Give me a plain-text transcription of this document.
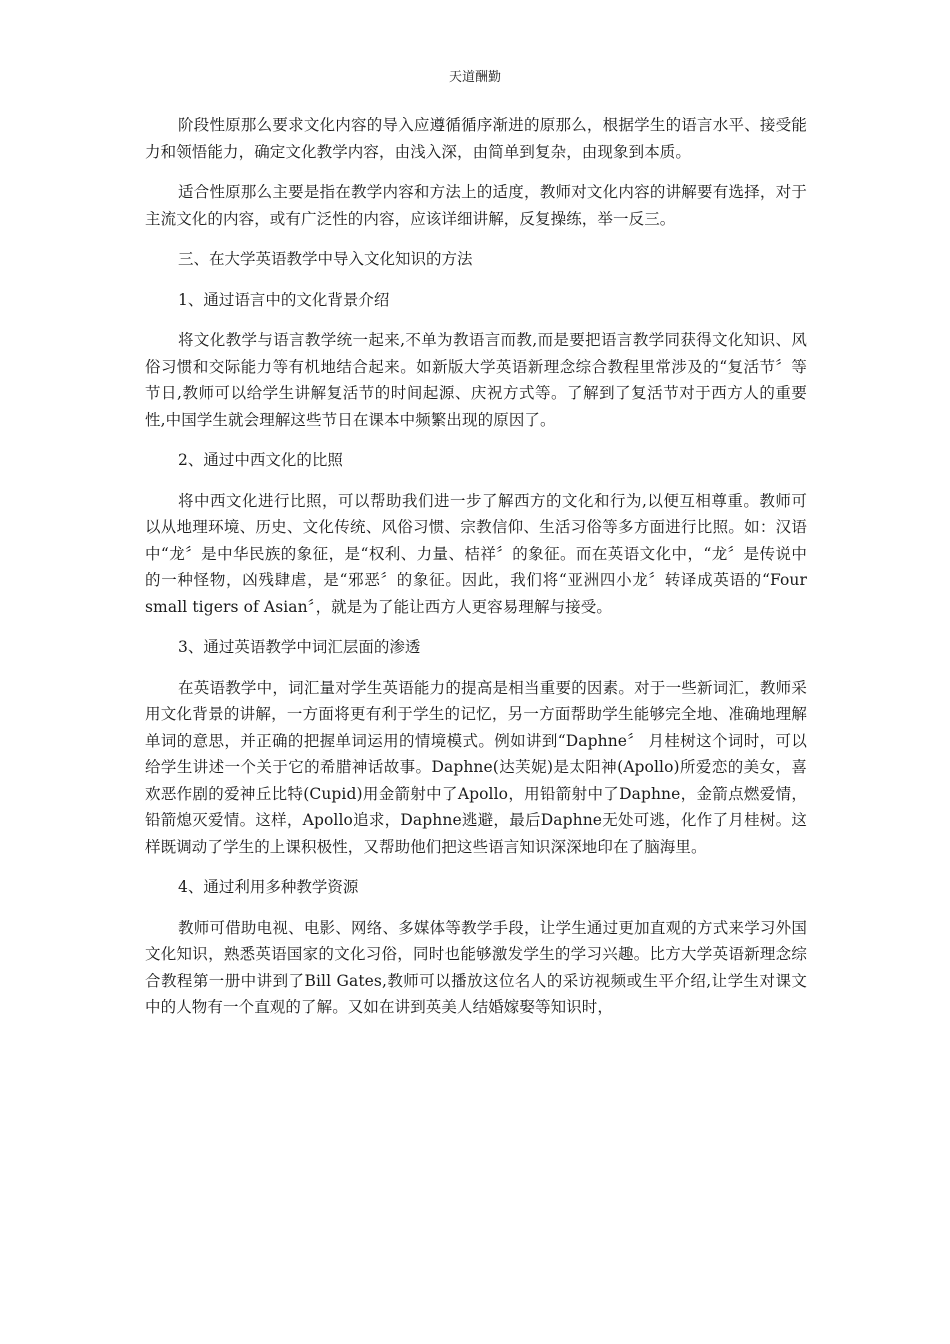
天道酬勤

阶段性原那么要求文化内容的导入应遵循循序渐进的原那么，根据学生的语言水平、接受能力和领悟能力，确定文化教学内容，由浅入深，由简单到复杂，由现象到本质。

适合性原那么主要是指在教学内容和方法上的适度，教师对文化内容的讲解要有选择，对于主流文化的内容，或有广泛性的内容，应该详细讲解，反复操练，举一反三。

三、在大学英语教学中导入文化知识的方法

1、通过语言中的文化背景介绍

将文化教学与语言教学统一起来,不单为教语言而教,而是要把语言教学同获得文化知识、风俗习惯和交际能力等有机地结合起来。如新版大学英语新理念综合教程里常涉及的“复活节〞等节日,教师可以给学生讲解复活节的时间起源、庆祝方式等。了解到了复活节对于西方人的重要性,中国学生就会理解这些节日在课本中频繁出现的原因了。

2、通过中西文化的比照

将中西文化进行比照，可以帮助我们进一步了解西方的文化和行为,以便互相尊重。教师可以从地理环境、历史、文化传统、风俗习惯、宗教信仰、生活习俗等多方面进行比照。如：汉语中“龙〞是中华民族的象征，是“权利、力量、桔祥〞的象征。而在英语文化中，“龙〞是传说中的一种怪物，凶残肆虐，是“邪恶〞的象征。因此，我们将“亚洲四小龙〞转译成英语的“Four small tigers of Asian〞，就是为了能让西方人更容易理解与接受。

3、通过英语教学中词汇层面的渗透

在英语教学中，词汇量对学生英语能力的提高是相当重要的因素。对于一些新词汇，教师采用文化背景的讲解，一方面将更有利于学生的记忆，另一方面帮助学生能够完全地、准确地理解单词的意思，并正确的把握单词运用的情境模式。例如讲到“Daphne〞 月桂树这个词时，可以给学生讲述一个关于它的希腊神话故事。Daphne(达芙妮)是太阳神(Apollo)所爱恋的美女，喜欢恶作剧的爱神丘比特(Cupid)用金箭射中了Apollo，用铅箭射中了Daphne，金箭点燃爱情，铅箭熄灭爱情。这样，Apollo追求，Daphne逃避，最后Daphne无处可逃，化作了月桂树。这样既调动了学生的上课积极性，又帮助他们把这些语言知识深深地印在了脑海里。

4、通过利用多种教学资源

教师可借助电视、电影、网络、多媒体等教学手段，让学生通过更加直观的方式来学习外国文化知识，熟悉英语国家的文化习俗，同时也能够激发学生的学习兴趣。比方大学英语新理念综合教程第一册中讲到了Bill Gates,教师可以播放这位名人的采访视频或生平介绍,让学生对课文中的人物有一个直观的了解。又如在讲到英美人结婚嫁娶等知识时，
